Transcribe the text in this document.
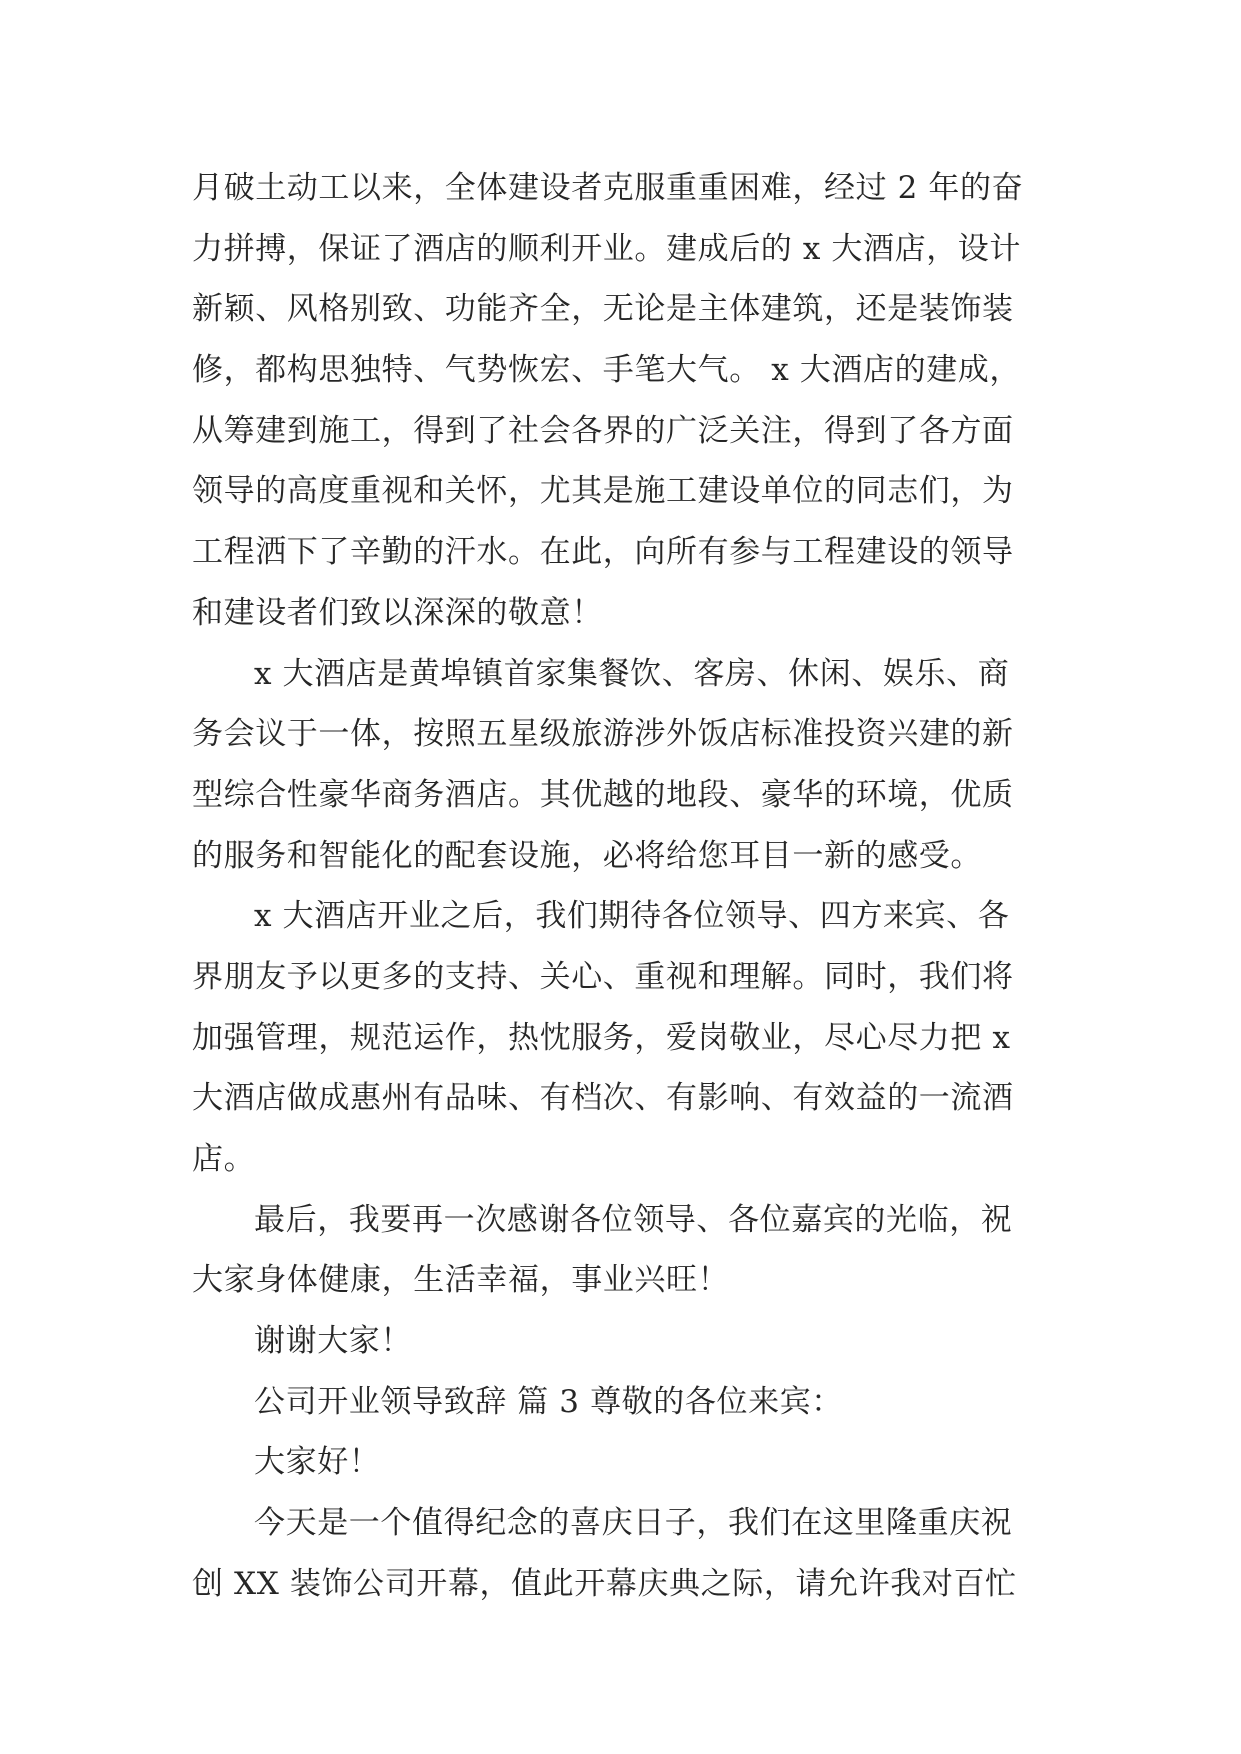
月破土动工以来，全体建设者克服重重困难，经过 2 年的奋
力拼搏，保证了酒店的顺利开业。建成后的 x 大酒店，设计
新颖、风格别致、功能齐全，无论是主体建筑，还是装饰装
修，都构思独特、气势恢宏、手笔大气。 x 大酒店的建成，
从筹建到施工，得到了社会各界的广泛关注，得到了各方面
领导的高度重视和关怀，尤其是施工建设单位的同志们，为
工程洒下了辛勤的汗水。在此，向所有参与工程建设的领导
和建设者们致以深深的敬意！
x 大酒店是黄埠镇首家集餐饮、客房、休闲、娱乐、商
务会议于一体，按照五星级旅游涉外饭店标准投资兴建的新
型综合性豪华商务酒店。其优越的地段、豪华的环境，优质
的服务和智能化的配套设施，必将给您耳目一新的感受。
x 大酒店开业之后，我们期待各位领导、四方来宾、各
界朋友予以更多的支持、关心、重视和理解。同时，我们将
加强管理，规范运作，热忱服务，爱岗敬业，尽心尽力把 x
大酒店做成惠州有品味、有档次、有影响、有效益的一流酒
店。
最后，我要再一次感谢各位领导、各位嘉宾的光临，祝
大家身体健康，生活幸福，事业兴旺！
谢谢大家！
公司开业领导致辞 篇 3 尊敬的各位来宾：
大家好！
今天是一个值得纪念的喜庆日子，我们在这里隆重庆祝
创 XX 装饰公司开幕，值此开幕庆典之际，请允许我对百忙
